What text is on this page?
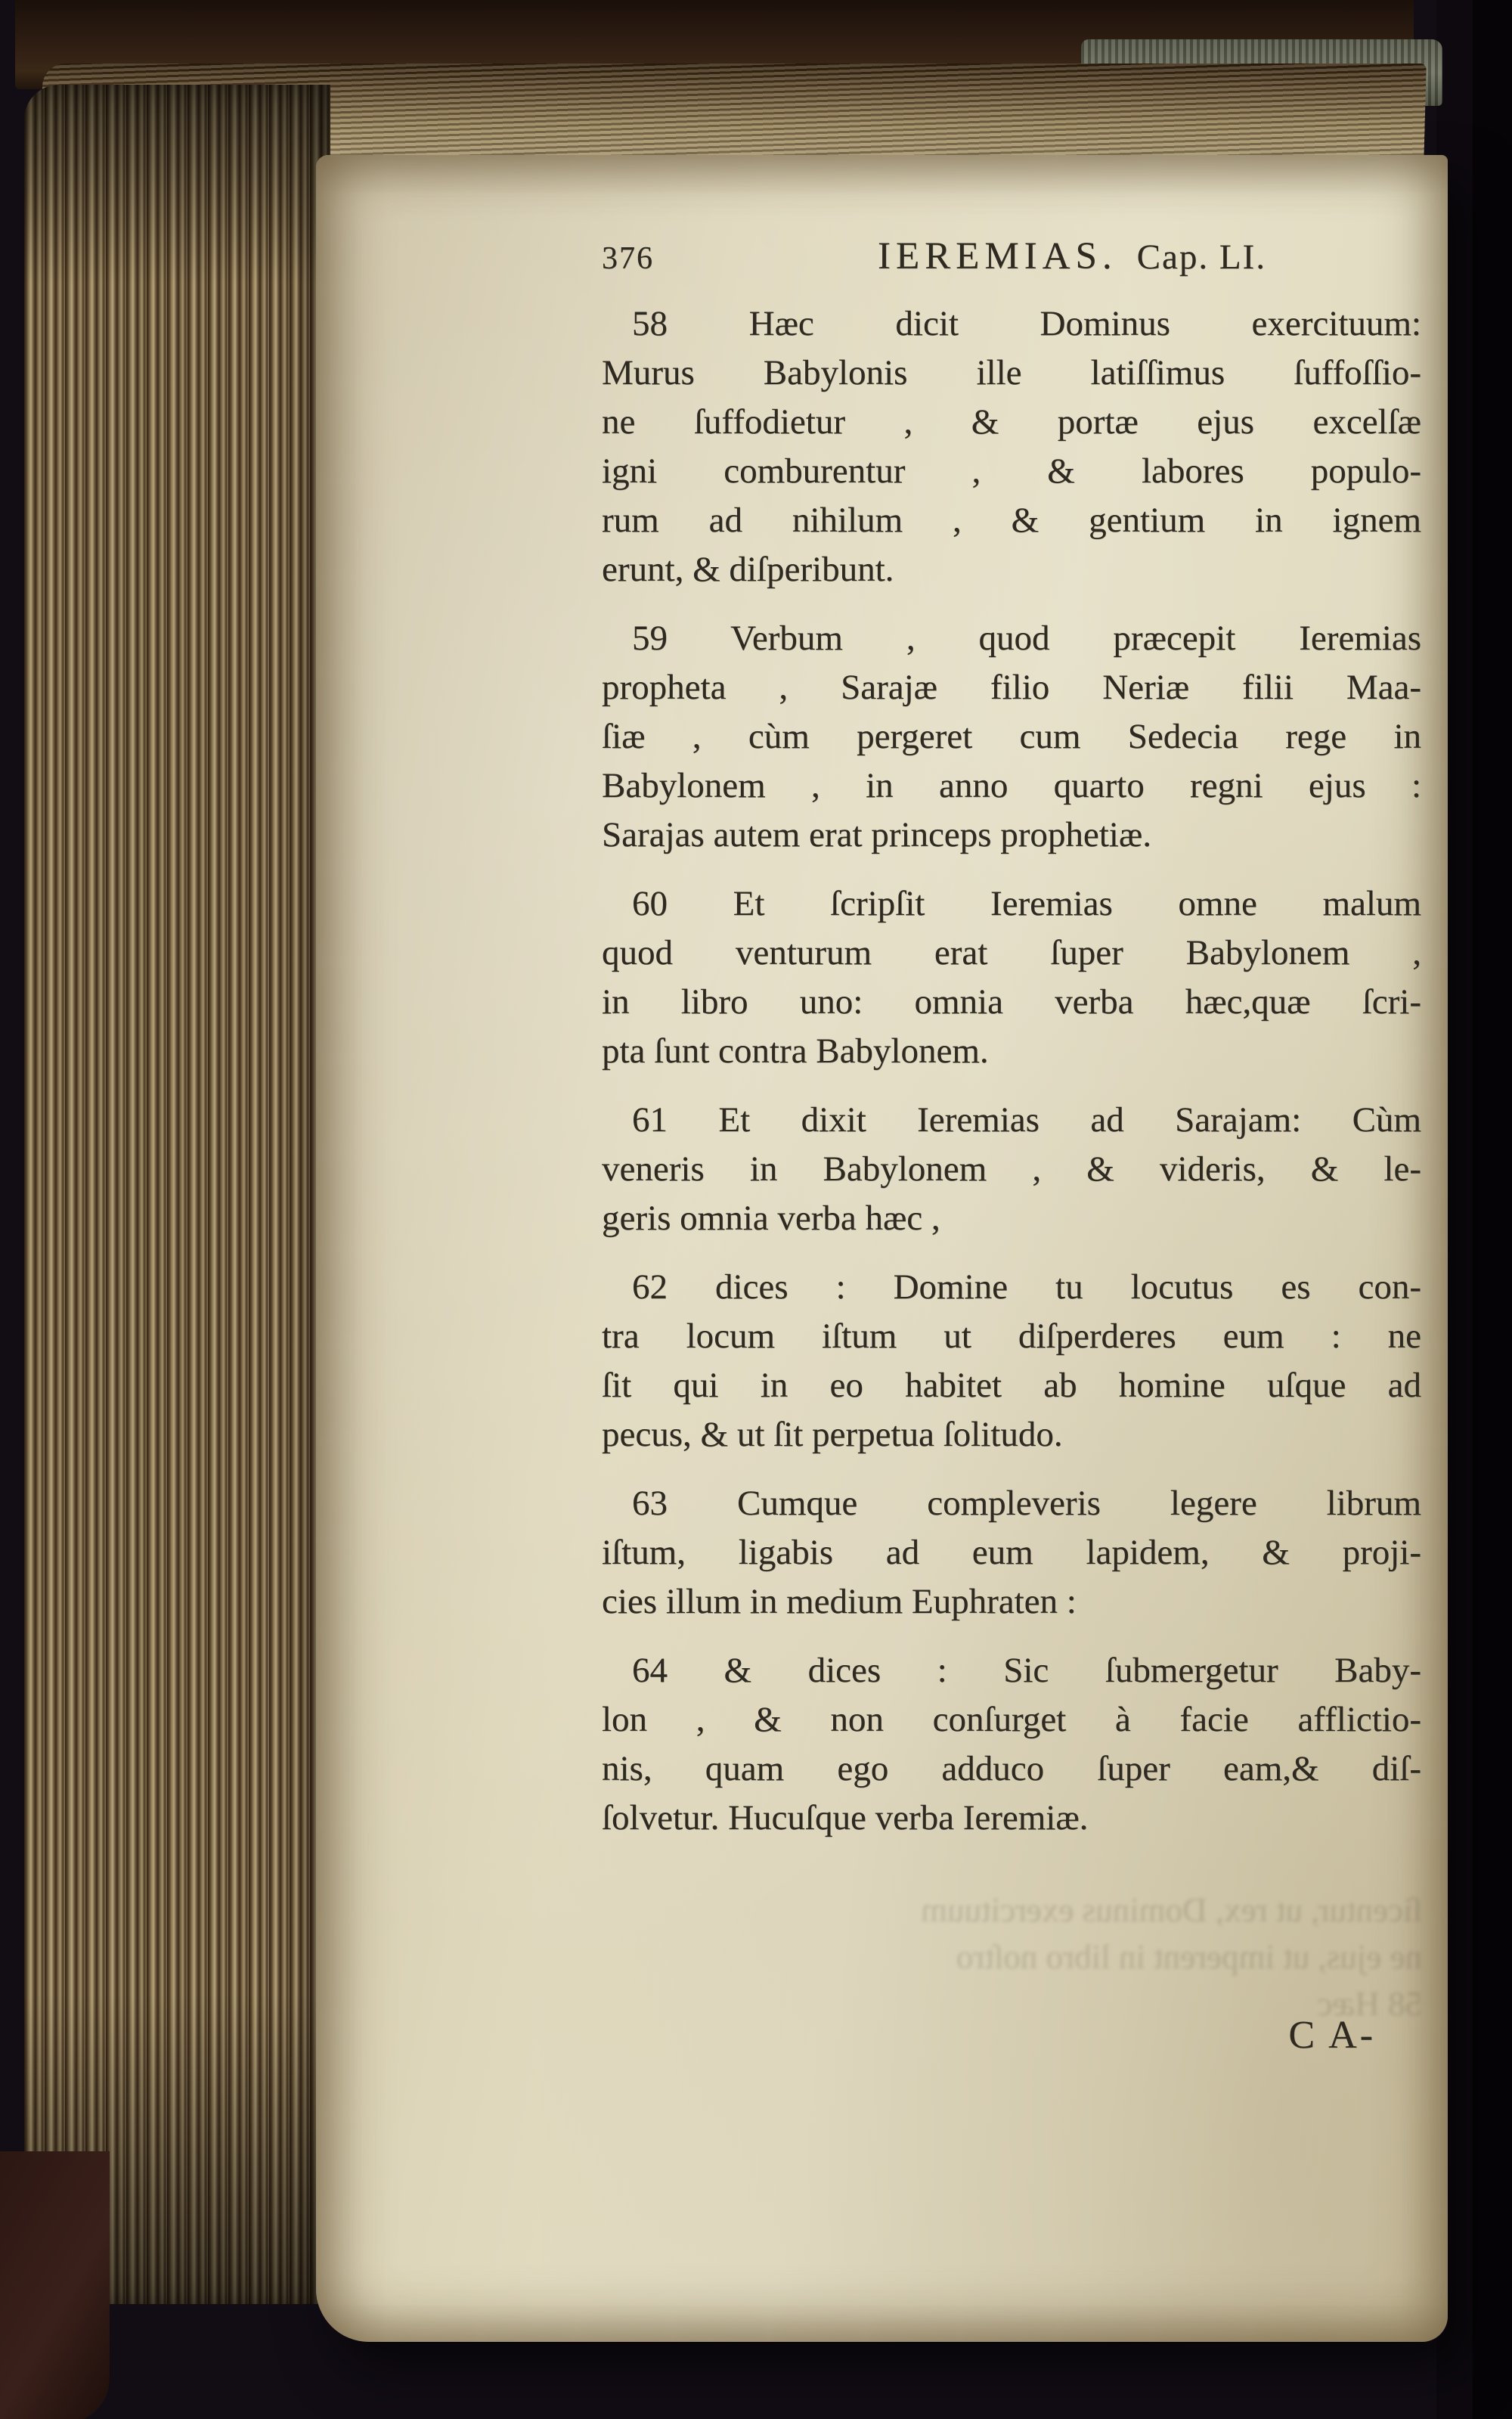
376	IEREMIAS. Cap. LI.
58 Hæc dicit Dominus exercituum:
Murus Babylonis ille latiſſimus ſuffoſſio-
ne ſuffodietur , & portæ ejus excelſæ
igni comburentur , & labores populo-
rum ad nihilum , & gentium in ignem
erunt, & diſperibunt.
59 Verbum , quod præcepit Ieremias
propheta , Sarajæ filio Neriæ filii Maa-
ſiæ , cùm pergeret cum Sedecia rege in
Babylonem , in anno quarto regni ejus :
Sarajas autem erat princeps prophetiæ.
60 Et ſcripſit Ieremias omne malum
quod venturum erat ſuper Babylonem ,
in libro uno: omnia verba hæc,quæ ſcri-
pta ſunt contra Babylonem.
61 Et dixit Ieremias ad Sarajam: Cùm
veneris in Babylonem , & videris, & le-
geris omnia verba hæc ,
62 dices : Domine tu locutus es con-
tra locum iſtum ut diſperderes eum : ne
ſit qui in eo habitet ab homine uſque ad
pecus, & ut ſit perpetua ſolitudo.
63 Cumque compleveris legere librum
iſtum, ligabis ad eum lapidem, & proji-
cies illum in medium Euphraten :
64 & dices : Sic ſubmergetur Baby-
lon , & non conſurget à facie afflictio-
nis, quam ego adduco ſuper eam,& diſ-
ſolvetur. Hucuſque verba Ieremiæ.
C A-
ſicentur, ut rex, Dominus exercituum
ne ejus, ut imperent in libro noſtro
58 Hæc
